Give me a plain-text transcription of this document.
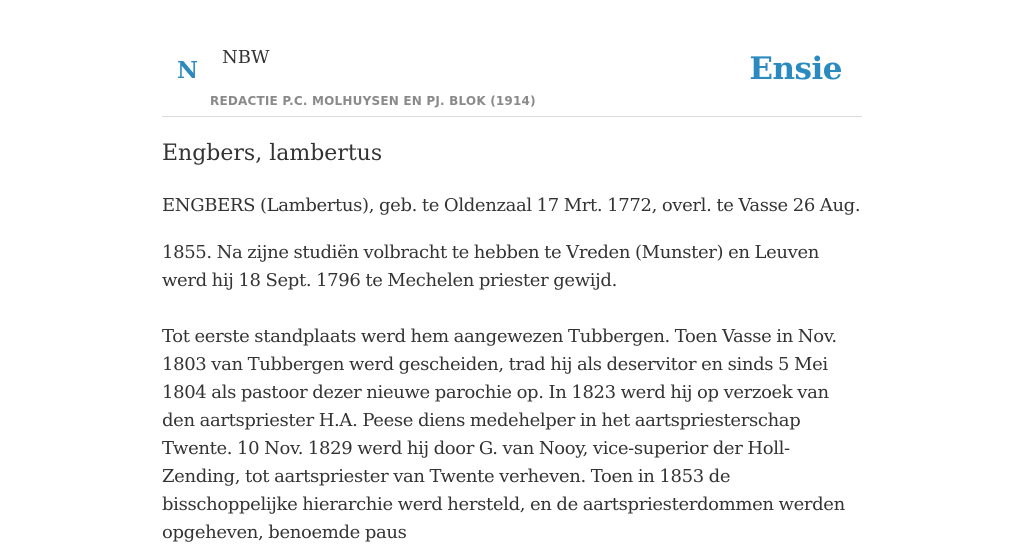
N NBW
REDACTIE P.C. MOLHUYSEN EN PJ. BLOK (1914)
Ensie
Engbers, lambertus

ENGBERS (Lambertus), geb. te Oldenzaal 17 Mrt. 1772, overl. te Vasse 26 Aug.

1855. Na zijne studiën volbracht te hebben te Vreden (Munster) en Leuven werd hij 18 Sept. 1796 te Mechelen priester gewijd.

Tot eerste standplaats werd hem aangewezen Tubbergen. Toen Vasse in Nov. 1803 van Tubbergen werd gescheiden, trad hij als deservitor en sinds 5 Mei 1804 als pastoor dezer nieuwe parochie op. In 1823 werd hij op verzoek van den aartspriester H.A. Peese diens medehelper in het aartspriesterschap Twente. 10 Nov. 1829 werd hij door G. van Nooy, vice-superior der Holl-Zending, tot aartspriester van Twente verheven. Toen in 1853 de bisschoppelijke hierarchie werd hersteld, en de aartspriesterdommen werden opgeheven, benoemde paus
